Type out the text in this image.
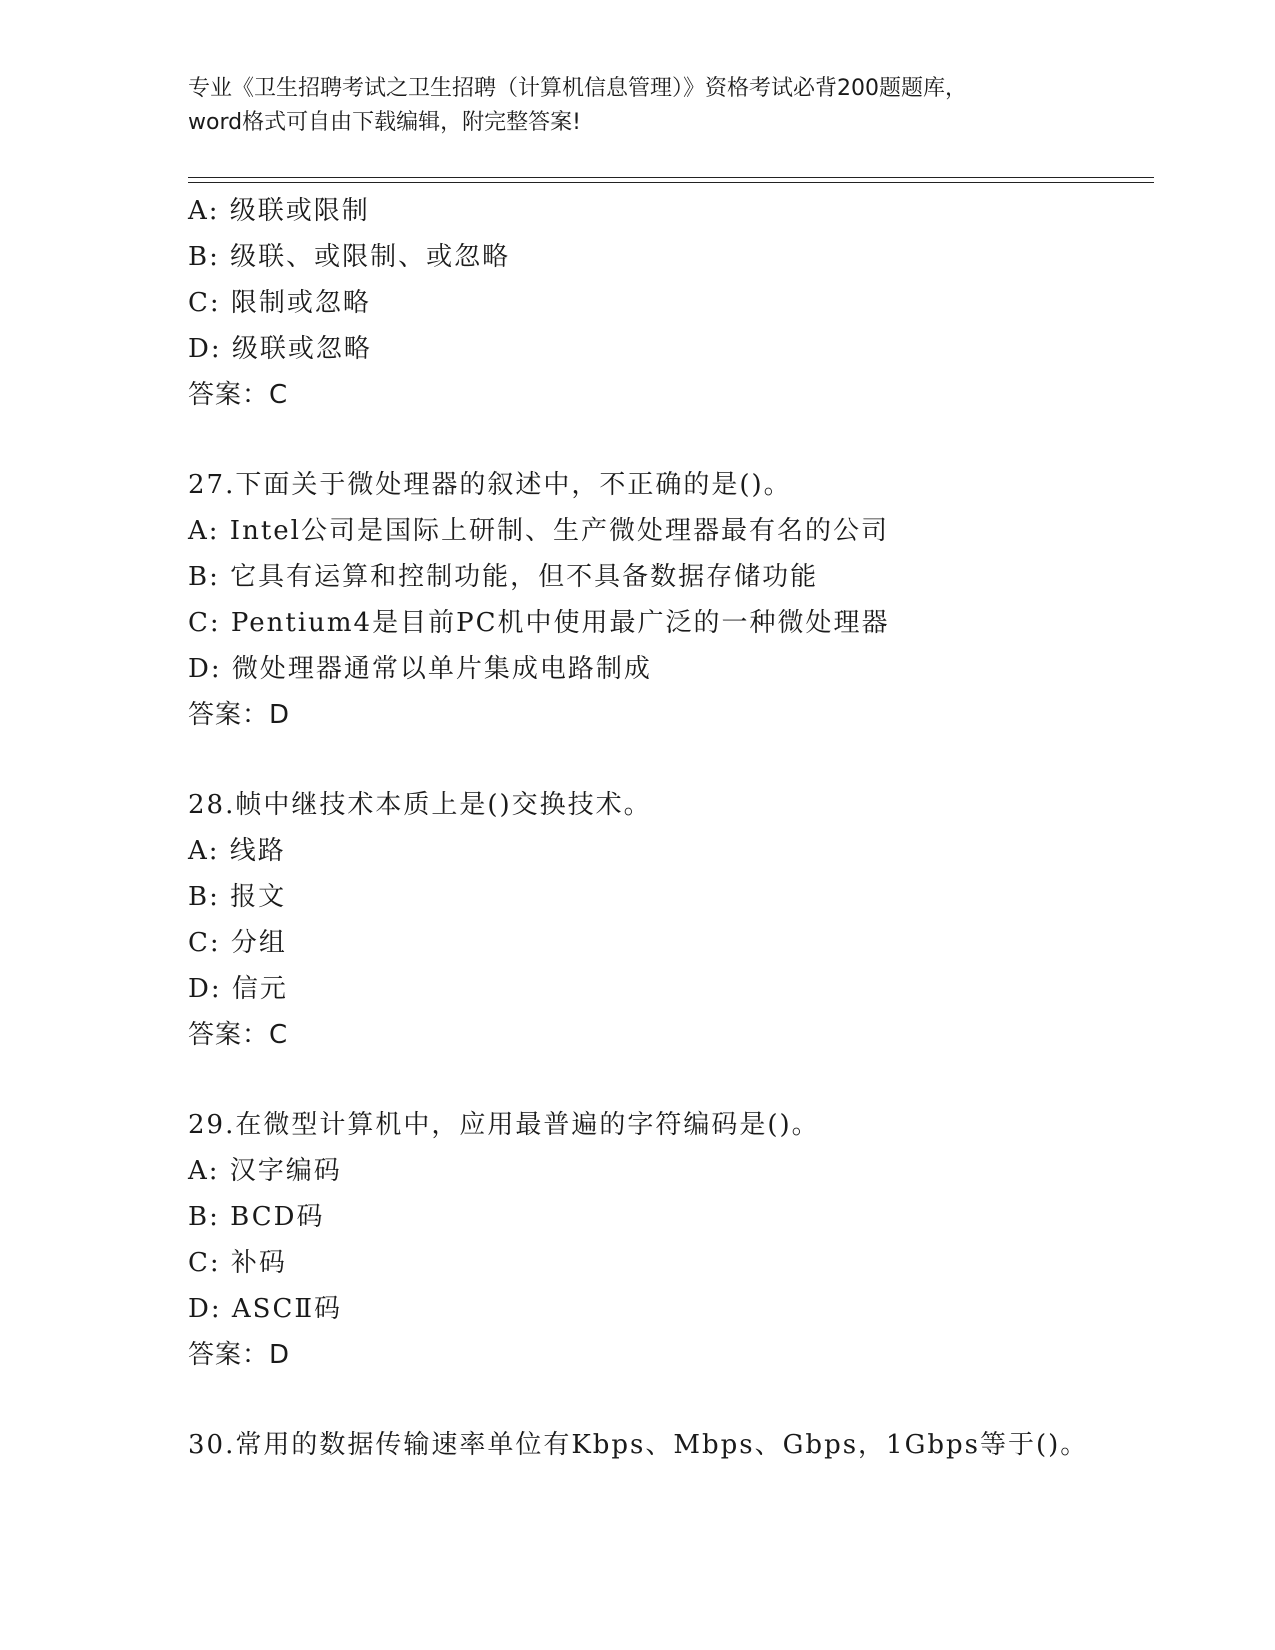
专业《卫生招聘考试之卫生招聘（计算机信息管理）》资格考试必背200题题库，
word格式可自由下载编辑，附完整答案!
A: 级联或限制
B: 级联、或限制、或忽略
C: 限制或忽略
D: 级联或忽略
答案：C
27.下面关于微处理器的叙述中，不正确的是()。
A: Intel公司是国际上研制、生产微处理器最有名的公司
B: 它具有运算和控制功能，但不具备数据存储功能
C: Pentium4是目前PC机中使用最广泛的一种微处理器
D: 微处理器通常以单片集成电路制成
答案：D
28.帧中继技术本质上是()交换技术。
A: 线路
B: 报文
C: 分组
D: 信元
答案：C
29.在微型计算机中，应用最普遍的字符编码是()。
A: 汉字编码
B: BCD码
C: 补码
D: ASCⅡ码
答案：D
30.常用的数据传输速率单位有Kbps、Mbps、Gbps，1Gbps等于()。
